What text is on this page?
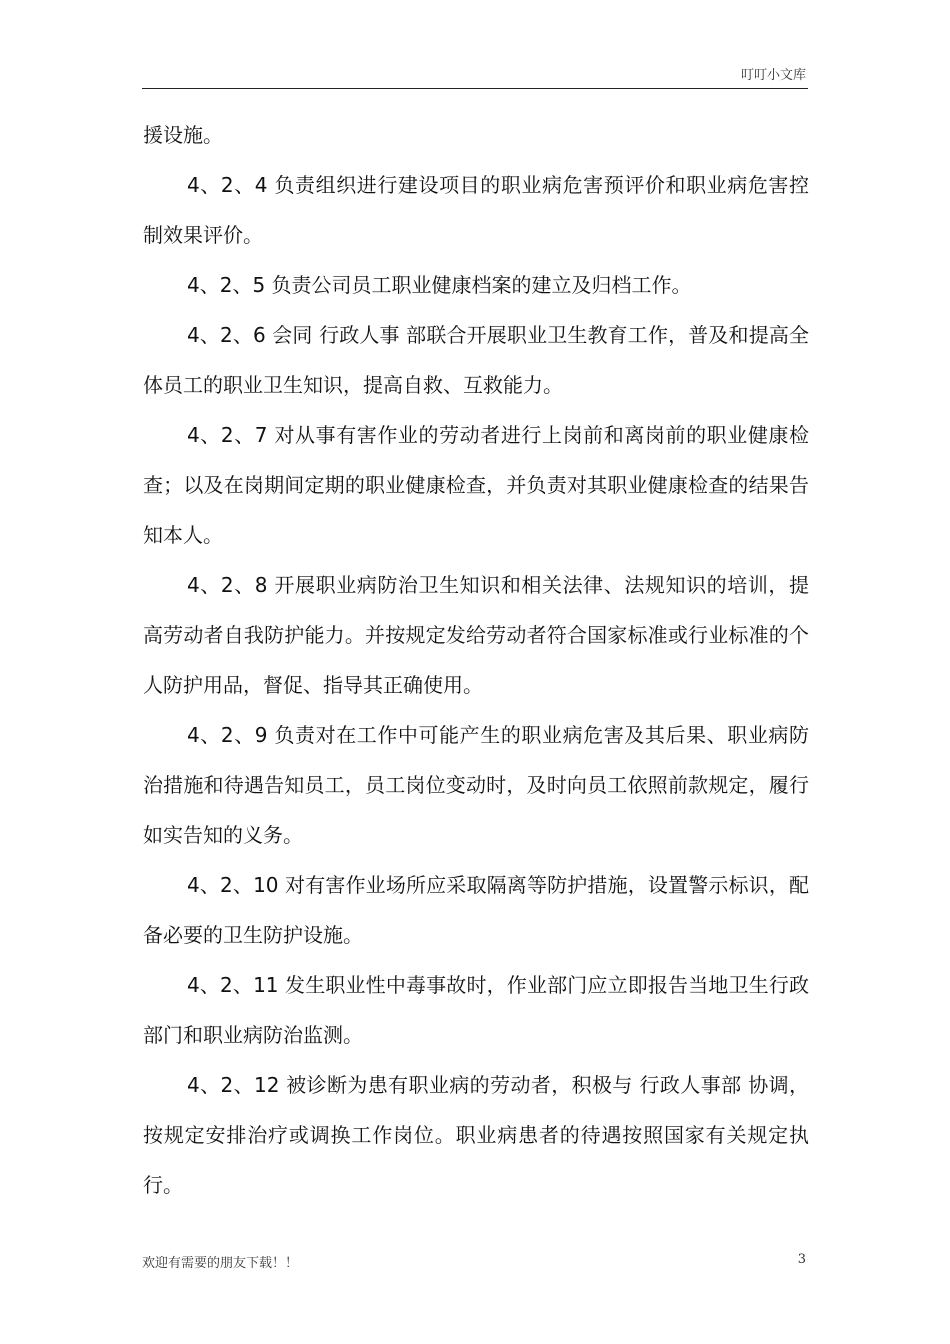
叮叮小文库

援设施。

4、2、4 负责组织进行建设项目的职业病危害预评价和职业病危害控制效果评价。

4、2、5 负责公司员工职业健康档案的建立及归档工作。

4、2、6 会同 行政人事 部联合开展职业卫生教育工作，普及和提高全体员工的职业卫生知识，提高自救、互救能力。

4、2、7 对从事有害作业的劳动者进行上岗前和离岗前的职业健康检查；以及在岗期间定期的职业健康检查，并负责对其职业健康检查的结果告知本人。

4、2、8 开展职业病防治卫生知识和相关法律、法规知识的培训，提高劳动者自我防护能力。并按规定发给劳动者符合国家标准或行业标准的个人防护用品，督促、指导其正确使用。

4、2、9 负责对在工作中可能产生的职业病危害及其后果、职业病防治措施和待遇告知员工，员工岗位变动时，及时向员工依照前款规定，履行如实告知的义务。

4、2、10 对有害作业场所应采取隔离等防护措施，设置警示标识，配备必要的卫生防护设施。

4、2、11 发生职业性中毒事故时，作业部门应立即报告当地卫生行政部门和职业病防治监测。

4、2、12 被诊断为患有职业病的劳动者，积极与 行政人事部 协调，按规定安排治疗或调换工作岗位。职业病患者的待遇按照国家有关规定执行。

欢迎有需要的朋友下载！！	3
